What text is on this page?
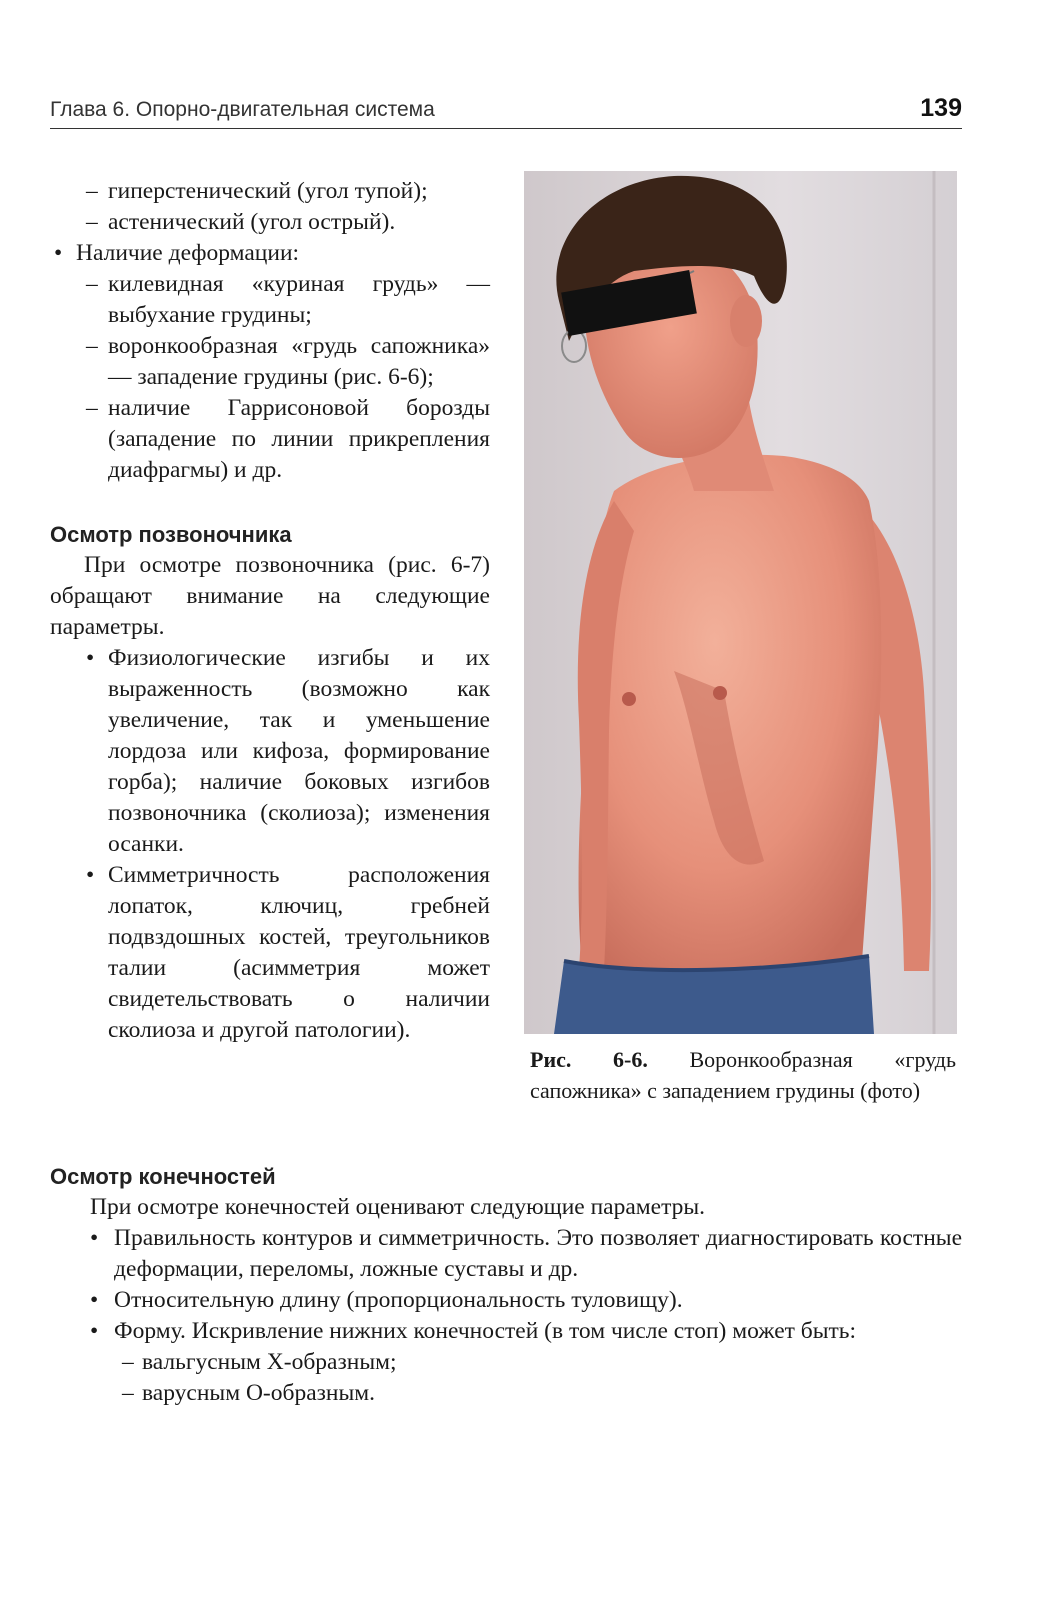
Глава 6. Опорно-двигательная система	139

– гиперстенический (угол тупой);

– астенический (угол острый).

• Наличие деформации:

– килевидная «куриная грудь» — выбухание грудины;

– воронкообразная «грудь сапожника» — западение грудины (рис. 6-6);

– наличие Гаррисоновой борозды (западение по линии прикрепления диафрагмы) и др.

Осмотр позвоночника

При осмотре позвоночника (рис. 6-7) обращают внимание на следующие параметры.

• Физиологические изгибы и их выраженность (возможно как увеличение, так и уменьшение лордоза или кифоза, формирование горба); наличие боковых изгибов позвоночника (сколиоза); изменения осанки.

• Симметричность расположения лопаток, ключиц, гребней подвздошных костей, треугольников талии (асимметрия может свидетельствовать о наличии сколиоза и другой патологии).

Рис. 6-6. Воронкообразная «грудь сапожника» с западением грудины (фото)
Осмотр конечностей

При осмотре конечностей оценивают следующие параметры.

• Правильность контуров и симметричность. Это позволяет диагностировать костные деформации, переломы, ложные суставы и др.

• Относительную длину (пропорциональность туловищу).

• Форму. Искривление нижних конечностей (в том числе стоп) может быть:

– вальгусным Х-образным;

– варусным О-образным.
